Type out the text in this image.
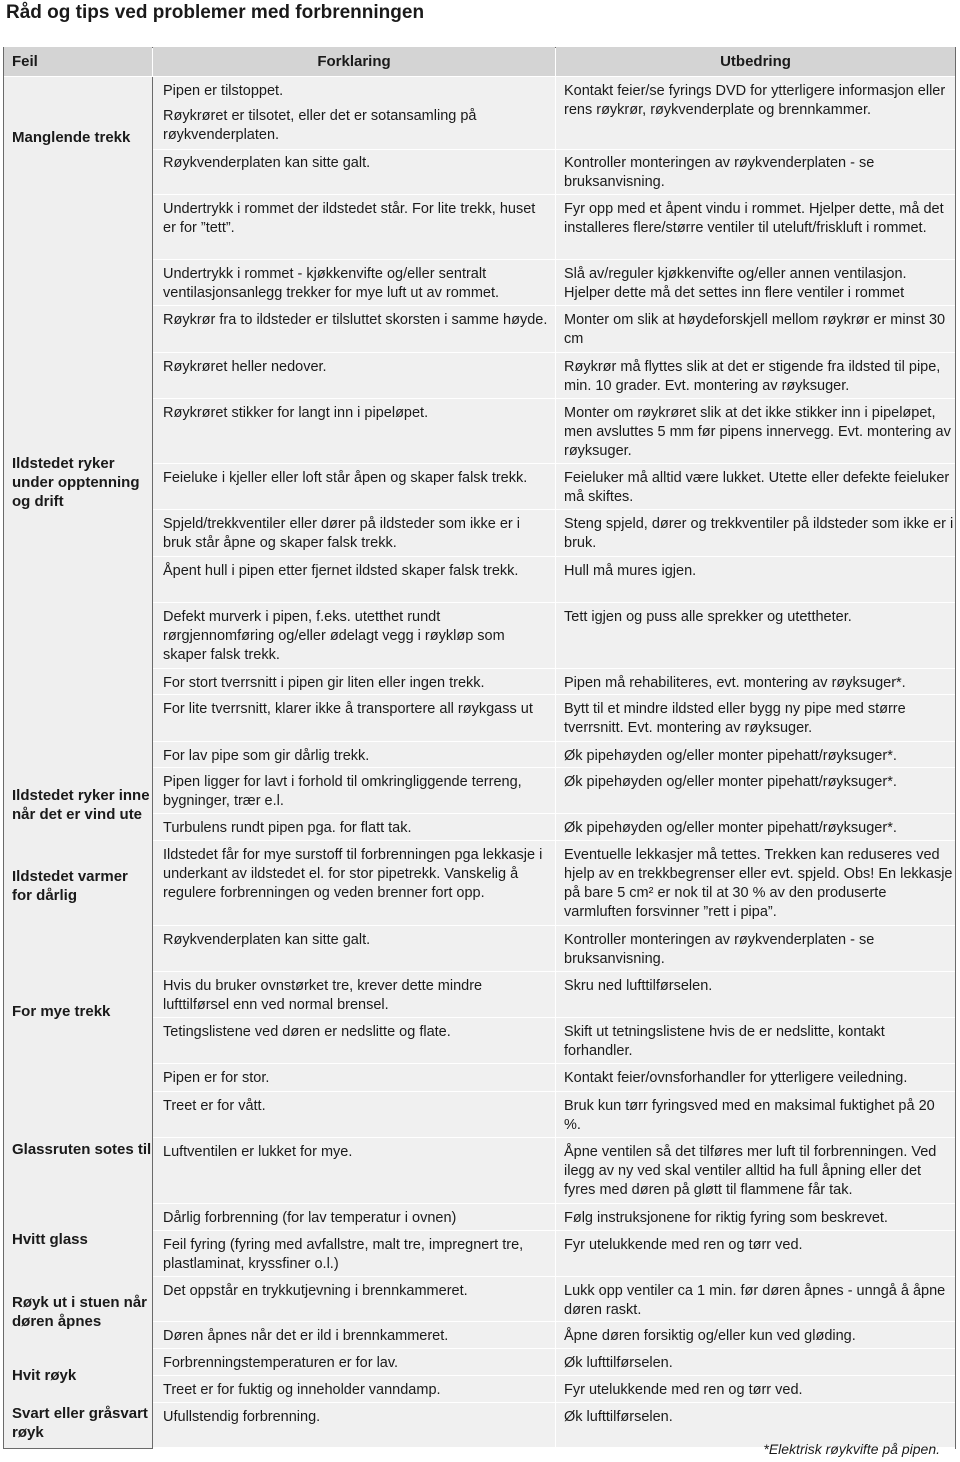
Råd og tips ved problemer med forbrenningen
Feil	Forklaring	Utbedring
Manglende trekk
Ildstedet ryker under opptenning og drift
Ildstedet ryker inne når det er vind ute
Ildstedet varmer for dårlig
For mye trekk
Glassruten sotes til
Hvitt glass
Røyk ut i stuen når døren åpnes
Hvit røyk
Svart eller gråsvart røyk
Pipen er tilstoppet.
Røykrøret er tilsotet, eller det er sotansamling på røykvenderplaten.
Røykvenderplaten kan sitte galt.
Undertrykk i rommet der ildstedet står. For lite trekk, huset er for ”tett”.
Undertrykk i rommet - kjøkkenvifte og/eller sentralt ventilasjonsanlegg trekker for mye luft ut av rommet.
Røykrør fra to ildsteder er tilsluttet skorsten i samme høyde.
Røykrøret heller nedover.
Røykrøret stikker for langt inn i pipeløpet.
Feieluke i kjeller eller loft står åpen og skaper falsk trekk.
Spjeld/trekkventiler eller dører på ildsteder som ikke er i bruk står åpne og skaper falsk trekk.
Åpent hull i pipen etter fjernet ildsted skaper falsk trekk.
Defekt murverk i pipen, f.eks. utetthet rundt rørgjennomføring og/eller ødelagt vegg i røykløp som skaper falsk trekk.
For stort tverrsnitt i pipen gir liten eller ingen trekk.
For lite tverrsnitt, klarer ikke å transportere all røykgass ut
For lav pipe som gir dårlig trekk.
Pipen ligger for lavt i forhold til omkringliggende terreng, bygninger, trær e.l.
Turbulens rundt pipen pga. for flatt tak.
Ildstedet får for mye surstoff til forbrenningen pga lekkasje i underkant av ildstedet el. for stor pipetrekk. Vanskelig å regulere forbrenningen og veden brenner fort opp.
Røykvenderplaten kan sitte galt.
Hvis du bruker ovnstørket tre, krever dette mindre lufttilførsel enn ved normal brensel.
Tetingslistene ved døren er nedslitte og flate.
Pipen er for stor.
Treet er for vått.
Luftventilen er lukket for mye.
Dårlig forbrenning (for lav temperatur i ovnen)
Feil fyring (fyring med avfallstre, malt tre, impregnert tre, plastlaminat, kryssfiner o.l.)
Det oppstår en trykkutjevning i brennkammeret.
Døren åpnes når det er ild i brennkammeret.
Forbrenningstemperaturen er for lav.
Treet er for fuktig og inneholder vanndamp.
Ufullstendig forbrenning.
Kontakt feier/se fyrings DVD for ytterligere informasjon eller rens røykrør, røykvenderplate og brennkammer.
Kontroller monteringen av røykvenderplaten - se bruksanvisning.
Fyr opp med et åpent vindu i rommet. Hjelper dette, må det installeres flere/større ventiler til uteluft/friskluft i rommet.
Slå av/reguler kjøkkenvifte og/eller annen ventilasjon. Hjelper dette må det settes inn flere ventiler i rommet
Monter om slik at høydeforskjell mellom røykrør er minst 30 cm
Røykrør må flyttes slik at det er stigende fra ildsted til pipe, min. 10 grader. Evt. montering av røyksuger.
Monter om røykrøret slik at det ikke stikker inn i pipeløpet, men avsluttes 5 mm før pipens innervegg. Evt. montering av røyksuger.
Feieluker må alltid være lukket. Utette eller defekte feieluker må skiftes.
Steng spjeld, dører og trekkventiler på ildsteder som ikke er i bruk.
Hull må mures igjen.
Tett igjen og puss alle sprekker og utettheter.
Pipen må rehabiliteres, evt. montering av røyksuger*.
Bytt til et mindre ildsted eller bygg ny pipe med større tverrsnitt. Evt. montering av røyksuger.
Øk pipehøyden og/eller monter pipehatt/røyksuger*.
Øk pipehøyden og/eller monter pipehatt/røyksuger*.
Øk pipehøyden og/eller monter pipehatt/røyksuger*.
Eventuelle lekkasjer må tettes. Trekken kan reduseres ved hjelp av en trekkbegrenser eller evt. spjeld. Obs! En lekkasje på bare 5 cm² er nok til at 30 % av den produserte varmluften forsvinner ”rett i pipa”.
Kontroller monteringen av røykvenderplaten - se bruksanvisning.
Skru ned lufttilførselen.
Skift ut tetningslistene hvis de er nedslitte, kontakt forhandler.
Kontakt feier/ovnsforhandler for ytterligere veiledning.
Bruk kun tørr fyringsved med en maksimal fuktighet på 20 %.
Åpne ventilen så det tilføres mer luft til forbrenningen. Ved ilegg av ny ved skal ventiler alltid ha full åpning eller det fyres med døren på gløtt til flammene får tak.
Følg instruksjonene for riktig fyring som beskrevet.
Fyr utelukkende med ren og tørr ved.
Lukk opp ventiler ca 1 min. før døren åpnes - unngå å åpne døren raskt.
Åpne døren forsiktig og/eller kun ved gløding.
Øk lufttilførselen.
Fyr utelukkende med ren og tørr ved.
Øk lufttilførselen.
*Elektrisk røykvifte på pipen.
